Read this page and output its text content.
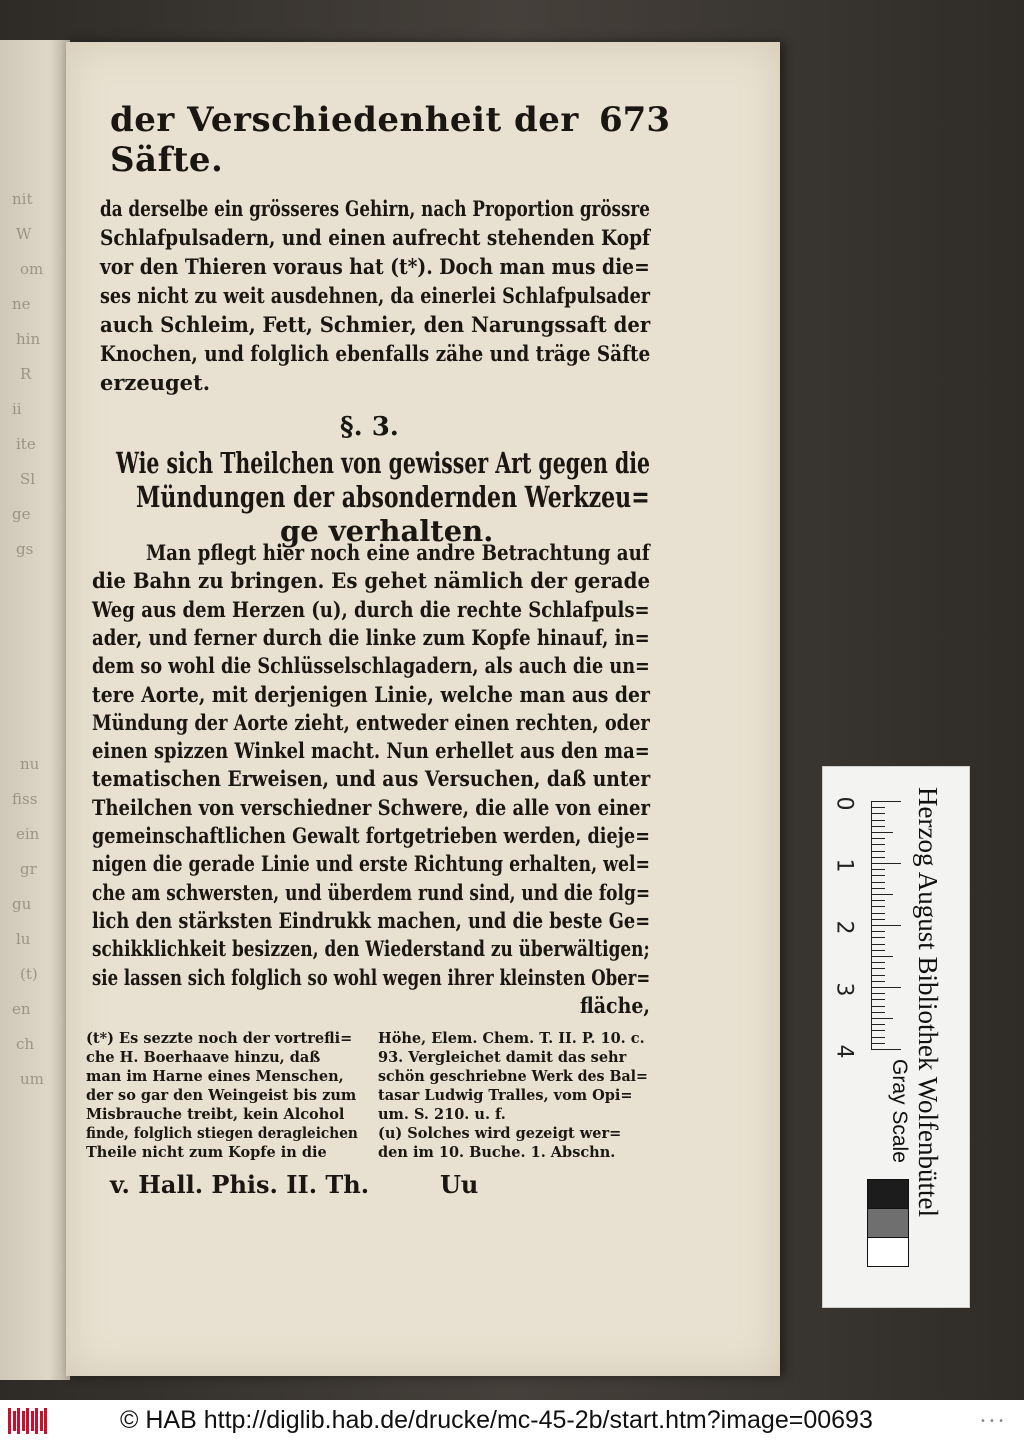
nit
W
om
ne
hin
R
ii
ite
Sl
ge
gs
nu
fiss
ein
gr
gu
lu
(t)
en
ch
um
der Verschiedenheit der Säfte.
673
da derselbe ein grösseres Gehirn, nach Proportion grössre
Schlafpulsadern, und einen aufrecht stehenden Kopf
vor den Thieren voraus hat (t*). Doch man mus die=
ses nicht zu weit ausdehnen, da einerlei Schlafpulsader
auch Schleim, Fett, Schmier, den Narungssaft der
Knochen, und folglich ebenfalls zähe und träge Säfte
erzeuget.
§. 3.
Wie sich Theilchen von gewisser Art gegen die
Mündungen der absondernden Werkzeu=
ge verhalten.
Man pflegt hier noch eine andre Betrachtung auf
die Bahn zu bringen. Es gehet nämlich der gerade
Weg aus dem Herzen (u), durch die rechte Schlafpuls=
ader, und ferner durch die linke zum Kopfe hinauf, in=
dem so wohl die Schlüsselschlagadern, als auch die un=
tere Aorte, mit derjenigen Linie, welche man aus der
Mündung der Aorte zieht, entweder einen rechten, oder
einen spizzen Winkel macht. Nun erhellet aus den ma=
tematischen Erweisen, und aus Versuchen, daß unter
Theilchen von verschiedner Schwere, die alle von einer
gemeinschaftlichen Gewalt fortgetrieben werden, dieje=
nigen die gerade Linie und erste Richtung erhalten, wel=
che am schwersten, und überdem rund sind, und die folg=
lich den stärksten Eindrukk machen, und die beste Ge=
schikklichkeit besizzen, den Wiederstand zu überwältigen;
sie lassen sich folglich so wohl wegen ihrer kleinsten Ober=
fläche,
(t*) Es sezzte noch der vortrefli=
che H. Boerhaave hinzu, daß
man im Harne eines Menschen,
der so gar den Weingeist bis zum
Misbrauche treibt, kein Alcohol
finde, folglich stiegen deragleichen
Theile nicht zum Kopfe in die
Höhe, Elem. Chem. T. II. P. 10. c.
93. Vergleichet damit das sehr
schön geschriebne Werk des Bal=
tasar Ludwig Tralles, vom Opi=
um. S. 210. u. f.
(u) Solches wird gezeigt wer=
den im 10. Buche. 1. Abschn.
v. Hall. Phis. II. Th.	Uu
0
1
2
3
4 Herzog August Bibliothek Wolfenbüttel
Gray Scale
© HAB http://diglib.hab.de/drucke/mc-45-2b/start.htm?image=00693	• • •
